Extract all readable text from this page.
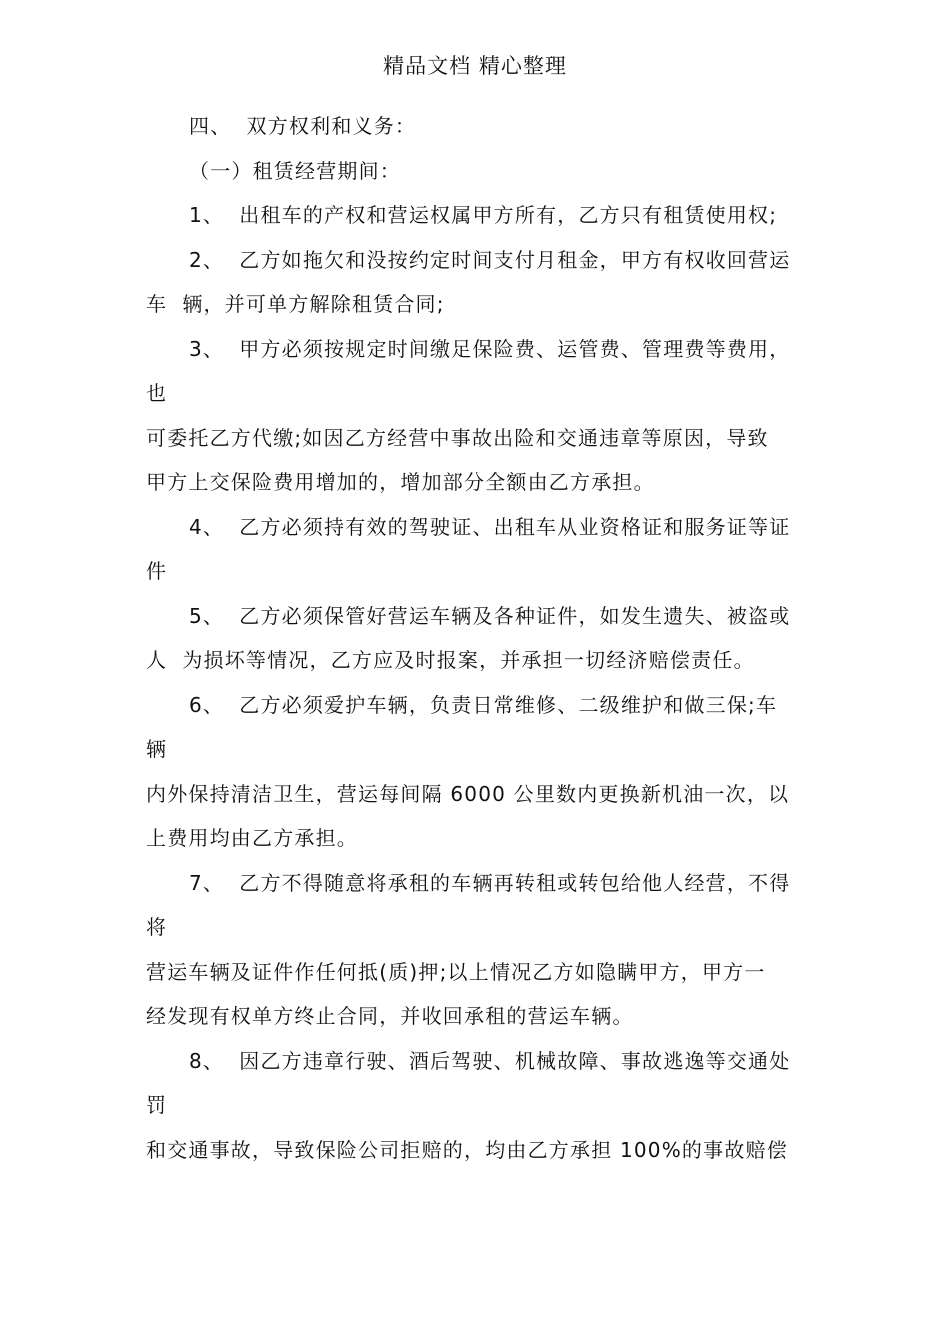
精品文档 精心整理
四、  双方权利和义务：
（一）租赁经营期间：
1、  出租车的产权和营运权属甲方所有，乙方只有租赁使用权;
2、  乙方如拖欠和没按约定时间支付月租金，甲方有权收回营运
车  辆，并可单方解除租赁合同;
3、  甲方必须按规定时间缴足保险费、运管费、管理费等费用，
也
可委托乙方代缴;如因乙方经营中事故出险和交通违章等原因，导致
甲方上交保险费用增加的，增加部分全额由乙方承担。
4、  乙方必须持有效的驾驶证、出租车从业资格证和服务证等证
件
5、  乙方必须保管好营运车辆及各种证件，如发生遗失、被盗或
人  为损坏等情况，乙方应及时报案，并承担一切经济赔偿责任。
6、  乙方必须爱护车辆，负责日常维修、二级维护和做三保;车
辆
内外保持清洁卫生，营运每间隔 6000 公里数内更换新机油一次，以
上费用均由乙方承担。
7、  乙方不得随意将承租的车辆再转租或转包给他人经营，不得
将
营运车辆及证件作任何抵(质)押;以上情况乙方如隐瞒甲方，甲方一
经发现有权单方终止合同，并收回承租的营运车辆。
8、  因乙方违章行驶、酒后驾驶、机械故障、事故逃逸等交通处
罚
和交通事故，导致保险公司拒赔的，均由乙方承担 100%的事故赔偿
